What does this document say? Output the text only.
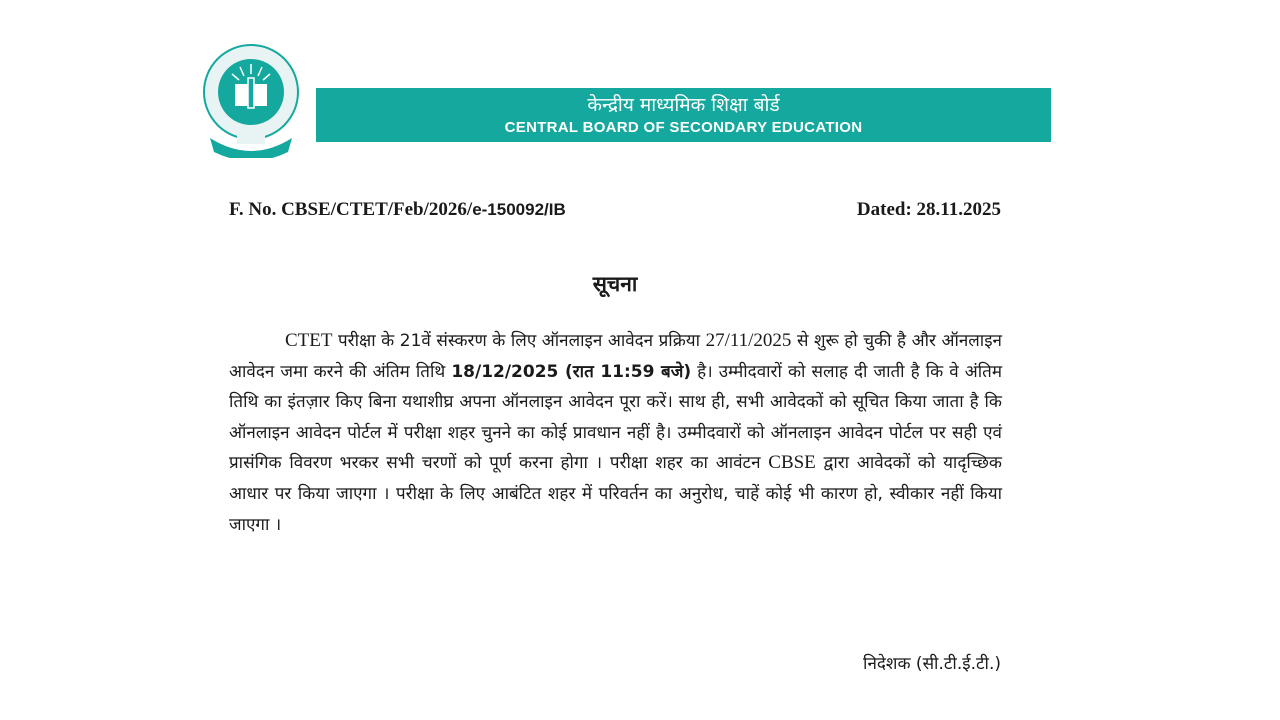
केन्द्रीय माध्यमिक शिक्षा बोर्ड
CENTRAL BOARD OF SECONDARY EDUCATION
F. No. CBSE/CTET/Feb/2026/e-150092/IB	Dated: 28.11.2025
सूचना
CTET परीक्षा के 21वें संस्करण के लिए ऑनलाइन आवेदन प्रक्रिया 27/11/2025 से शुरू हो चुकी है और ऑनलाइन आवेदन जमा करने की अंतिम तिथि 18/12/2025 (रात 11:59 बजे) है। उम्मीदवारों को सलाह दी जाती है कि वे अंतिम तिथि का इंतज़ार किए बिना यथाशीघ्र अपना ऑनलाइन आवेदन पूरा करें। साथ ही, सभी आवेदकों को सूचित किया जाता है कि ऑनलाइन आवेदन पोर्टल में परीक्षा शहर चुनने का कोई प्रावधान नहीं है। उम्मीदवारों को ऑनलाइन आवेदन पोर्टल पर सही एवं प्रासंगिक विवरण भरकर सभी चरणों को पूर्ण करना होगा । परीक्षा शहर का आवंटन CBSE द्वारा आवेदकों को यादृच्छिक आधार पर किया जाएगा । परीक्षा के लिए आबंटित शहर में परिवर्तन का अनुरोध, चाहें कोई भी कारण हो, स्वीकार नहीं किया जाएगा ।
निदेशक (सी.टी.ई.टी.)
